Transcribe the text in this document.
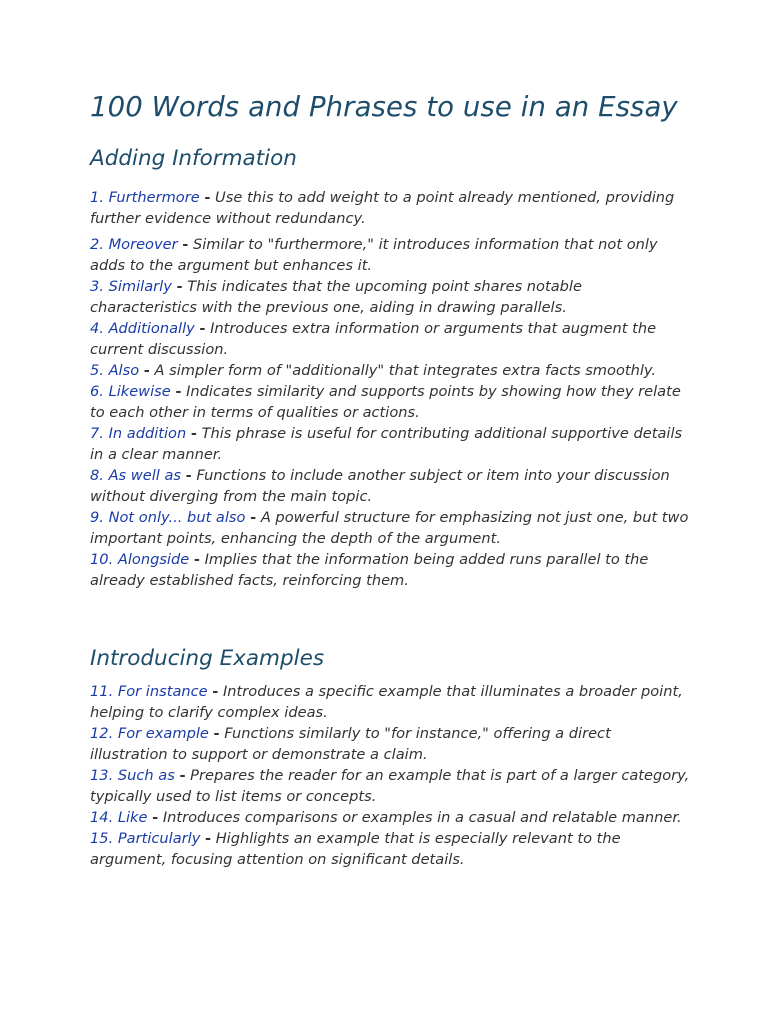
100 Words and Phrases to use in an Essay
Adding Information
1. Furthermore - Use this to add weight to a point already mentioned, providing further evidence without redundancy.
2. Moreover - Similar to "furthermore," it introduces information that not only adds to the argument but enhances it.
3. Similarly - This indicates that the upcoming point shares notable characteristics with the previous one, aiding in drawing parallels.
4. Additionally - Introduces extra information or arguments that augment the current discussion.
5. Also - A simpler form of "additionally" that integrates extra facts smoothly.
6. Likewise - Indicates similarity and supports points by showing how they relate to each other in terms of qualities or actions.
7. In addition - This phrase is useful for contributing additional supportive details in a clear manner.
8. As well as - Functions to include another subject or item into your discussion without diverging from the main topic.
9. Not only... but also - A powerful structure for emphasizing not just one, but two important points, enhancing the depth of the argument.
10. Alongside - Implies that the information being added runs parallel to the already established facts, reinforcing them.
Introducing Examples
11. For instance - Introduces a specific example that illuminates a broader point, helping to clarify complex ideas.
12. For example - Functions similarly to "for instance," offering a direct illustration to support or demonstrate a claim.
13. Such as - Prepares the reader for an example that is part of a larger category, typically used to list items or concepts.
14. Like - Introduces comparisons or examples in a casual and relatable manner.
15. Particularly - Highlights an example that is especially relevant to the argument, focusing attention on significant details.
